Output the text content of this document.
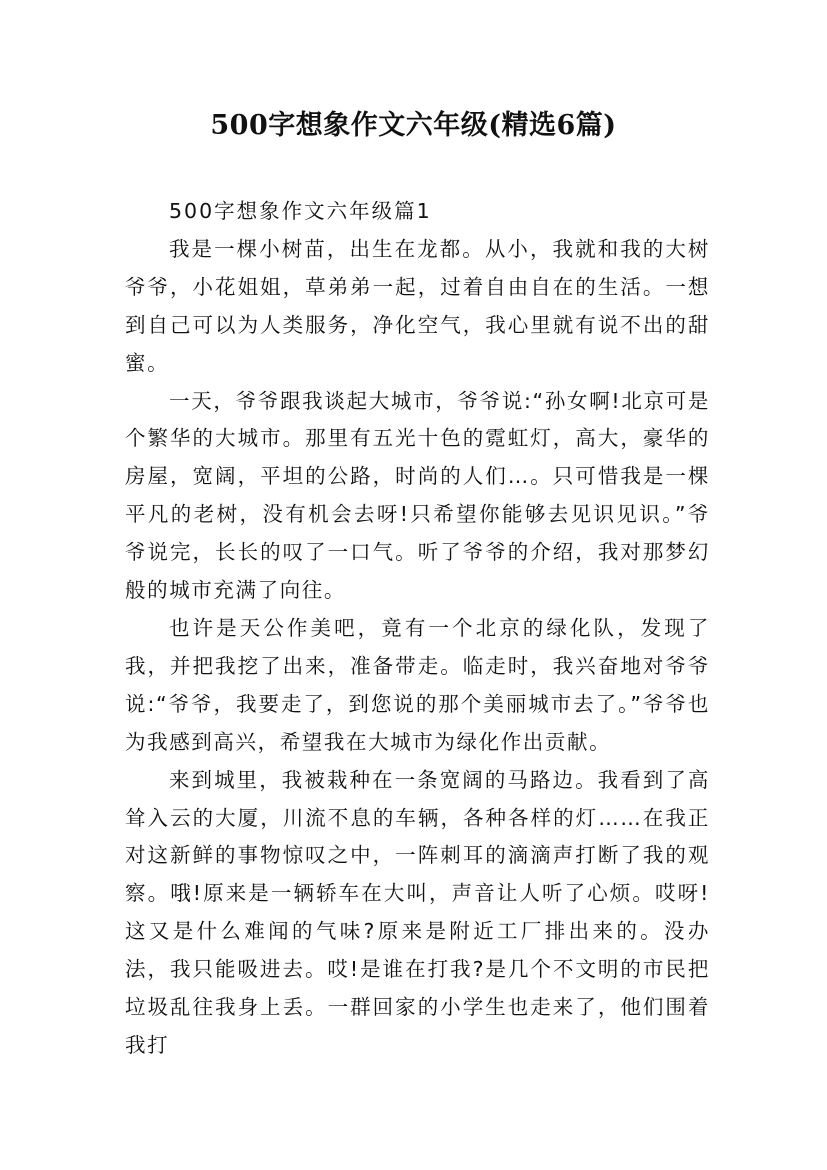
500字想象作文六年级(精选6篇)

500字想象作文六年级篇1

我是一棵小树苗，出生在龙都。从小，我就和我的大树爷爷，小花姐姐，草弟弟一起，过着自由自在的生活。一想到自己可以为人类服务，净化空气，我心里就有说不出的甜蜜。

一天，爷爷跟我谈起大城市，爷爷说:“孙女啊!北京可是个繁华的大城市。那里有五光十色的霓虹灯，高大，豪华的房屋，宽阔，平坦的公路，时尚的人们…。只可惜我是一棵平凡的老树，没有机会去呀!只希望你能够去见识见识。”爷爷说完，长长的叹了一口气。听了爷爷的介绍，我对那梦幻般的城市充满了向往。

也许是天公作美吧，竟有一个北京的绿化队，发现了我，并把我挖了出来，准备带走。临走时，我兴奋地对爷爷说:“爷爷，我要走了，到您说的那个美丽城市去了。”爷爷也为我感到高兴，希望我在大城市为绿化作出贡献。

来到城里，我被栽种在一条宽阔的马路边。我看到了高耸入云的大厦，川流不息的车辆，各种各样的灯……在我正对这新鲜的事物惊叹之中，一阵刺耳的滴滴声打断了我的观察。哦!原来是一辆轿车在大叫，声音让人听了心烦。哎呀!这又是什么难闻的气味?原来是附近工厂排出来的。没办法，我只能吸进去。哎!是谁在打我?是几个不文明的市民把垃圾乱往我身上丢。一群回家的小学生也走来了，他们围着我打
